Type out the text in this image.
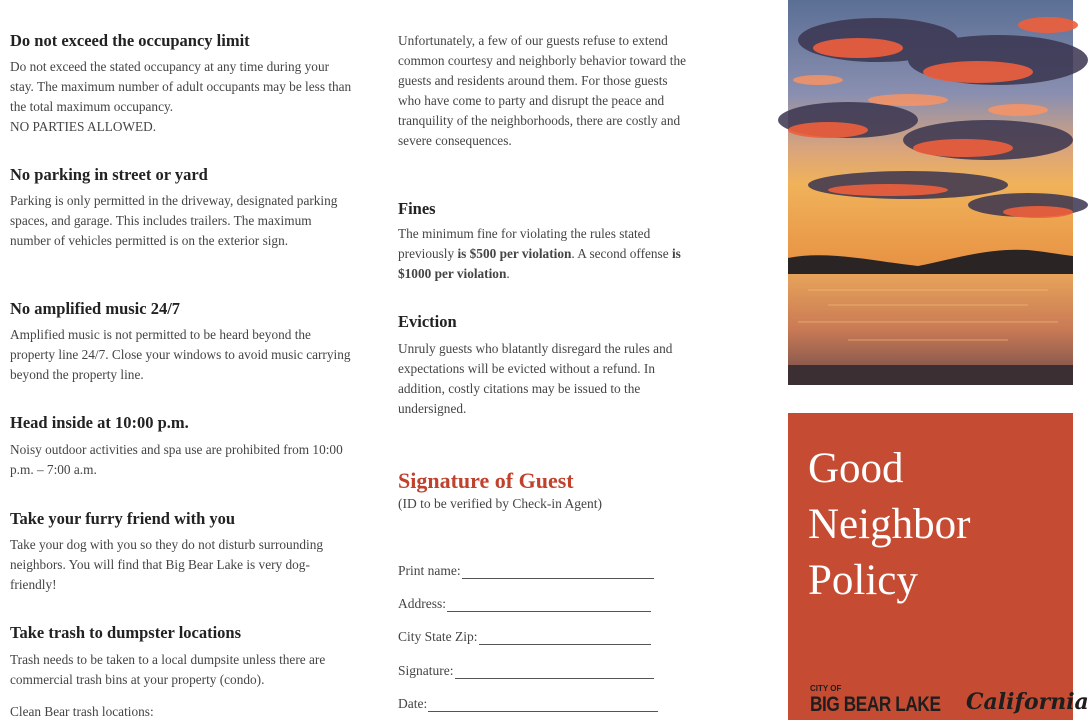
Do not exceed the occupancy limit

Do not exceed the stated occupancy at any time during your stay. The maximum number of adult occupants may be less than the total maximum occupancy.
NO PARTIES ALLOWED.

No parking in street or yard

Parking is only permitted in the driveway, designated parking spaces, and garage. This includes trailers. The maximum number of vehicles permitted is on the exterior sign.

No amplified music 24/7

Amplified music is not permitted to be heard beyond the property line 24/7. Close your windows to avoid music carrying beyond the property line.

Head inside at 10:00 p.m.

Noisy outdoor activities and spa use are prohibited from 10:00 p.m. – 7:00 a.m.

Take your furry friend with you

Take your dog with you so they do not disturb surrounding neighbors. You will find that Big Bear Lake is very dog-friendly!

Take trash to dumpster locations

Trash needs to be taken to a local dumpsite unless there are commercial trash bins at your property (condo).

Clean Bear trash locations:

Unfortunately, a few of our guests refuse to extend common courtesy and neighborly behavior toward the guests and residents around them. For those guests who have come to party and disrupt the peace and tranquility of the neighborhoods, there are costly and severe consequences.

Fines

The minimum fine for violating the rules stated previously is $500 per violation. A second offense is $1000 per violation.

Eviction

Unruly guests who blatantly disregard the rules and expectations will be evicted without a refund. In addition, costly citations may be issued to the undersigned.

Signature of Guest
(ID to be verified by Check-in Agent)
Print name:
Address:
City State Zip:
Signature:
Date:
Good
Neighbor
Policy
CITY OF
BIG BEAR LAKE California
